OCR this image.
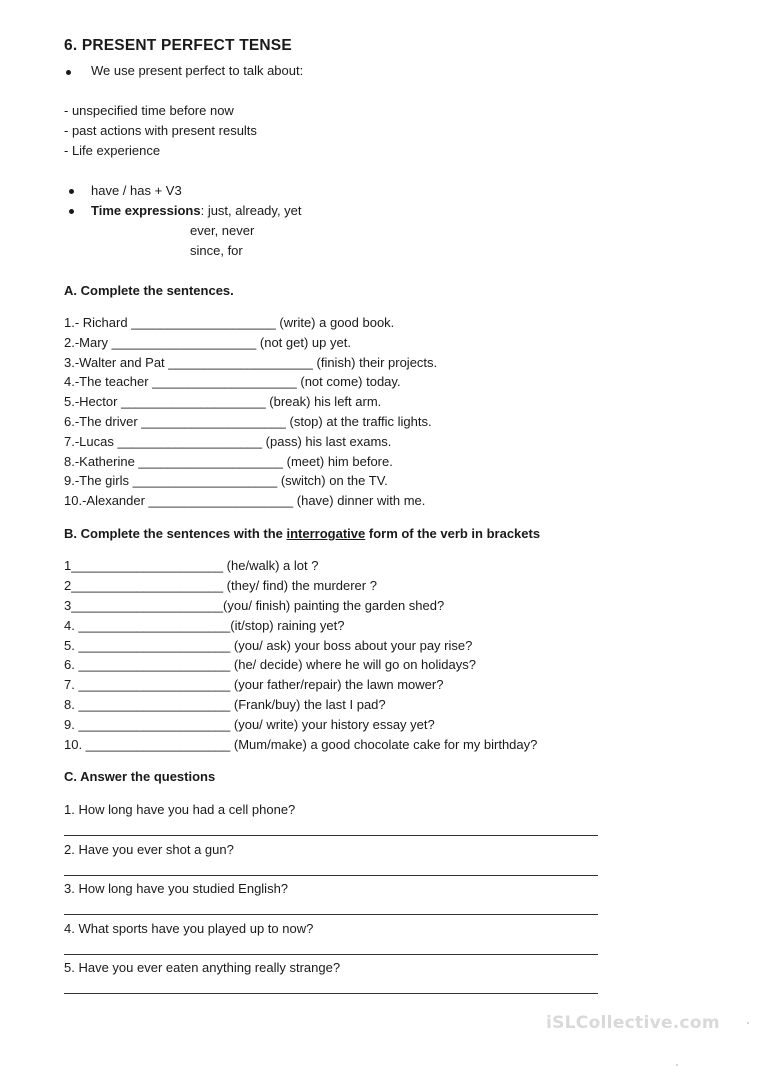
6. PRESENT PERFECT TENSE
We use present perfect to talk about:
- unspecified time before now
- past actions with present results
- Life experience
have / has + V3
Time expressions: just, already, yet
ever, never
since, for
A. Complete the sentences.
1.- Richard ____________________ (write) a good book.
2.-Mary ____________________ (not get) up yet.
3.-Walter and Pat ____________________ (finish) their projects.
4.-The teacher ____________________ (not come) today.
5.-Hector ____________________ (break) his left arm.
6.-The driver ____________________ (stop) at the traffic lights.
7.-Lucas ____________________ (pass) his last exams.
8.-Katherine ____________________ (meet) him before.
9.-The girls ____________________ (switch) on the TV.
10.-Alexander ____________________ (have) dinner with me.
B. Complete the sentences with the interrogative form of the verb in brackets
1_____________________ (he/walk) a lot ?
2_____________________ (they/ find) the murderer ?
3_____________________(you/ finish) painting the garden shed?
4. _____________________(it/stop) raining yet?
5. _____________________ (you/ ask) your boss about your pay rise?
6. _____________________ (he/ decide) where he will go on holidays?
7. _____________________ (your father/repair) the lawn mower?
8. _____________________ (Frank/buy) the last I pad?
9. _____________________ (you/ write) your history essay yet?
10. ____________________ (Mum/make) a good chocolate cake for my birthday?
C. Answer the questions
1. How long have you had a cell phone?
2. Have you ever shot a gun?
3. How long have you studied English?
4. What sports have you played up to now?
5. Have you ever eaten anything really strange?
iSLCollective.com
